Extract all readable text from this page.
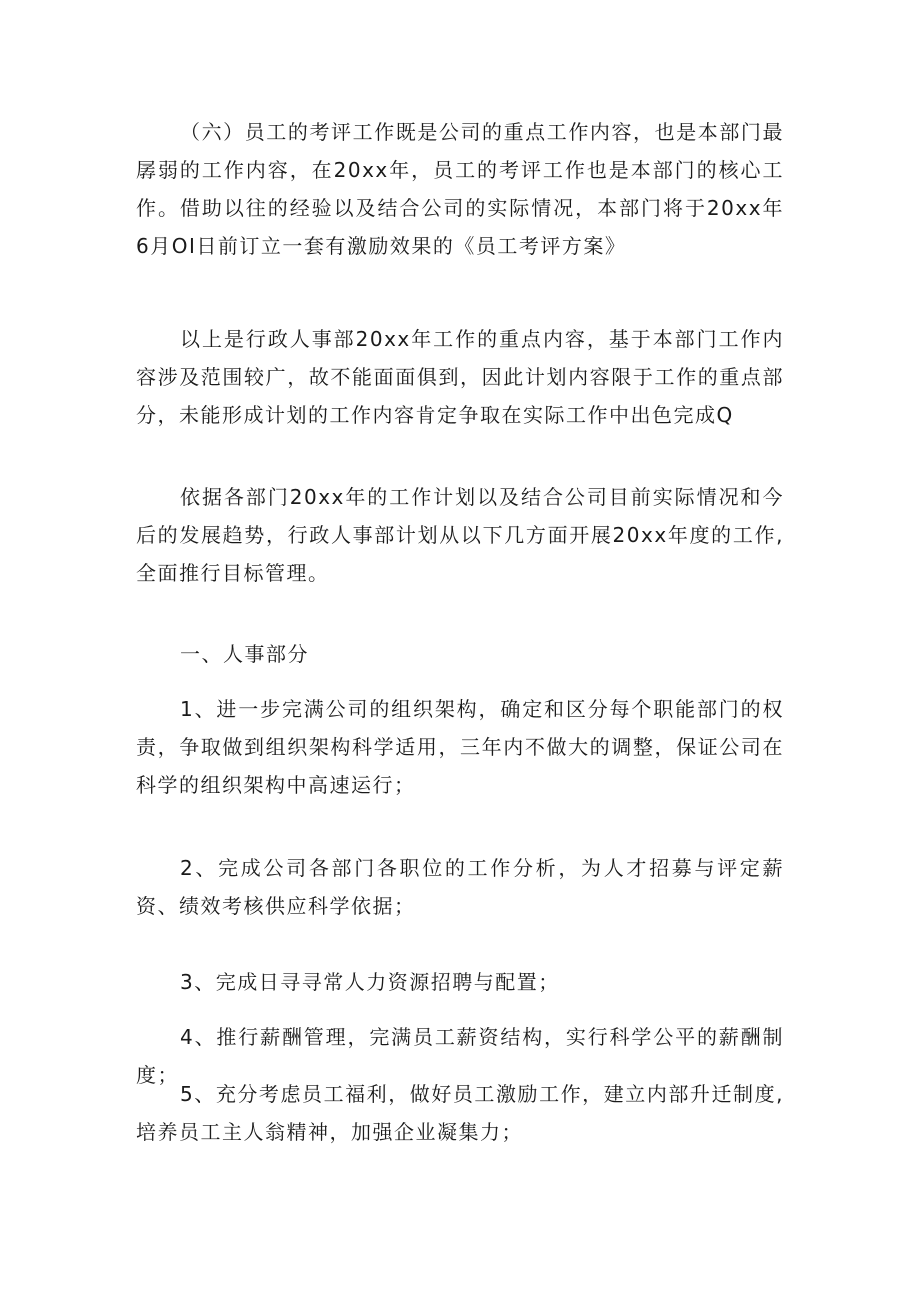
（六）员工的考评工作既是公司的重点工作内容，也是本部门最孱弱的工作内容，在20xx年，员工的考评工作也是本部门的核心工作。借助以往的经验以及结合公司的实际情况，本部门将于20xx年6月OI日前订立一套有激励效果的《员工考评方案》

以上是行政人事部20xx年工作的重点内容，基于本部门工作内容涉及范围较广，故不能面面俱到，因此计划内容限于工作的重点部分，未能形成计划的工作内容肯定争取在实际工作中出色完成Q

依据各部门20xx年的工作计划以及结合公司目前实际情况和今后的发展趋势，行政人事部计划从以下几方面开展20xx年度的工作,全面推行目标管理。

一、人事部分

1、进一步完满公司的组织架构，确定和区分每个职能部门的权责，争取做到组织架构科学适用，三年内不做大的调整，保证公司在科学的组织架构中高速运行；

2、完成公司各部门各职位的工作分析，为人才招募与评定薪资、绩效考核供应科学依据；

3、完成日寻寻常人力资源招聘与配置；

4、推行薪酬管理，完满员工薪资结构，实行科学公平的薪酬制度；

5、充分考虑员工福利，做好员工激励工作，建立内部升迁制度,培养员工主人翁精神，加强企业凝集力；
